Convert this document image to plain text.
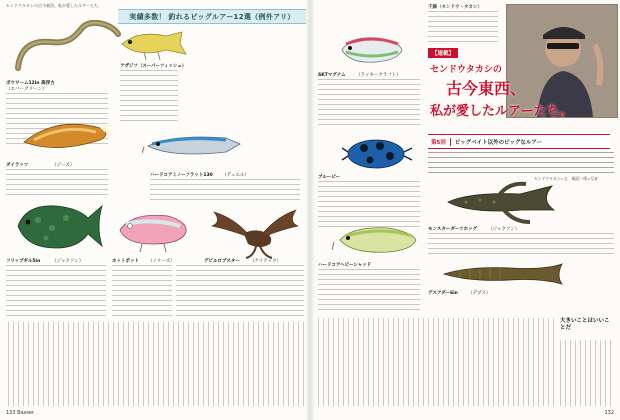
センドウタカシの古今東西、私が愛したルアーたち。
実績多数！ 釣れるビッグルアー12選（例外アリ）
ボウワーム12in 高浮力
（エバーグリーン）
アザジフ（スーパーフィッシュ）
ダイラッツ	（ジーズ）
ハードコアミノーフラット130 （デュエル）
フリップギル5in	（ジャクソン）	ホットポット （ノリーズ）	デビルロブスター （ケイテック）
133 Basser
SKTマグナム （ラッキークラフト）
ブルーピー
ハードコアヘビーシャッド
千藤（センドウ・タカシ）
【連載】
センドウタカシの
古今東西、
私が愛したルアーたち。
第5回 ビッグベイト以外のビッグなルアー
センドウタカシ=文 嶋田一郎=写真
モンスターダーツホッグ （ジャクソン）
デスアダー6in （デプス）
大きいことはいいことだ
132
